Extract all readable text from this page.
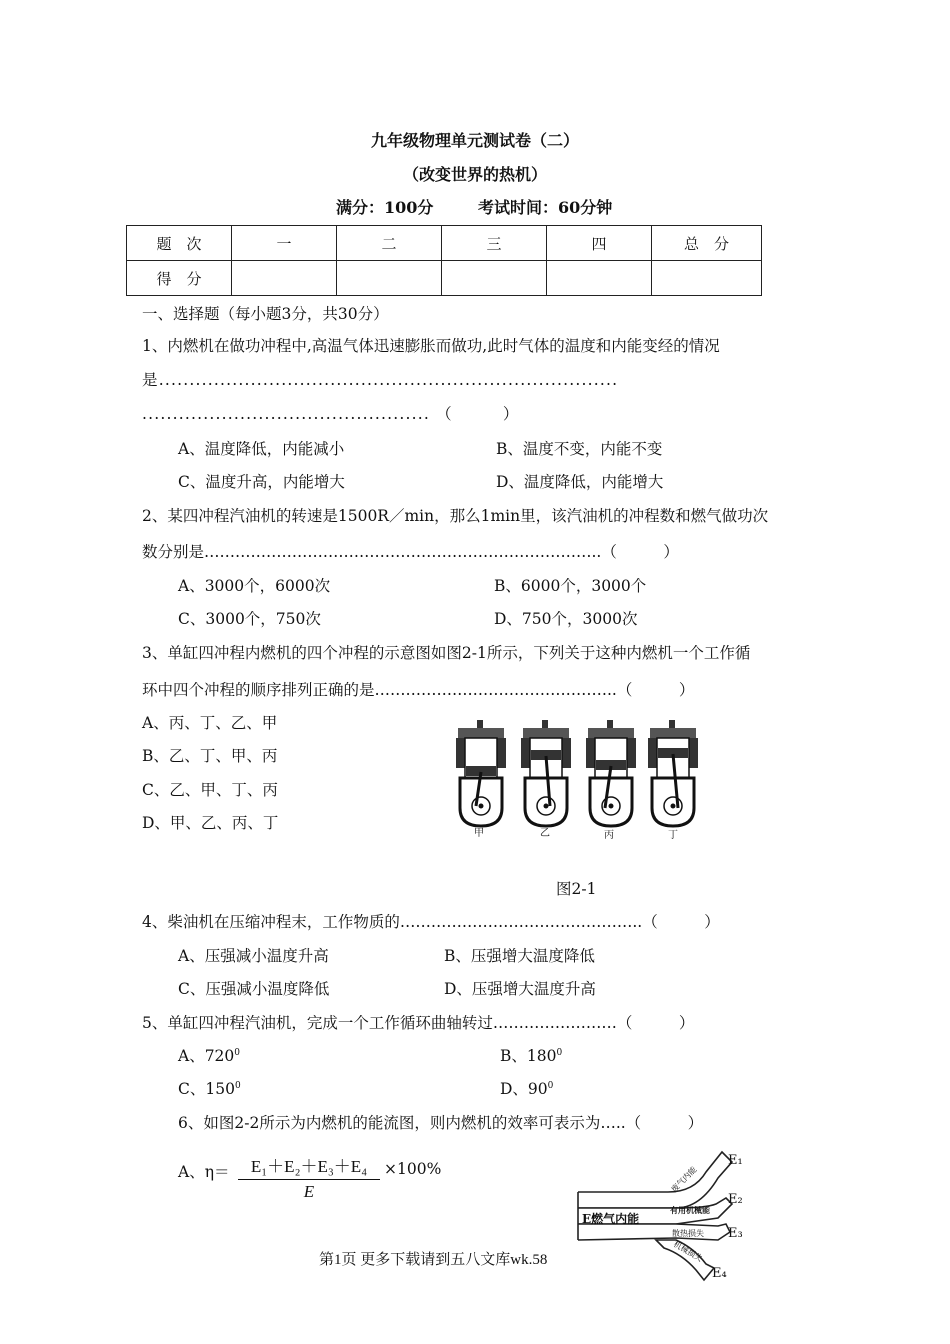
九年级物理单元测试卷（二）
（改变世界的热机）
满分：100分	考试时间：60分钟
题　次	一	二	三	四	总　分
得　分					
一、选择题（每小题3分，共30分）
1、内燃机在做功冲程中,高温气体迅速膨胀而做功,此时气体的温度和内能变经的情况
是...........................................................................
............................................... （　　　）
A、温度降低，内能减小	B、温度不变，内能不变
C、温度升高，内能增大	D、温度降低，内能增大
2、某四冲程汽油机的转速是1500R／min，那么1min里，该汽油机的冲程数和燃气做功次
数分别是…………………………………………………………………..（　　　）
A、3000个，6000次	B、6000个，3000个
C、3000个，750次	D、750个，3000次
3、单缸四冲程内燃机的四个冲程的示意图如图2-1所示，下列关于这种内燃机一个工作循
环中四个冲程的顺序排列正确的是………………………………………..（　　　）
A、丙、丁、乙、甲
B、乙、丁、甲、丙
C、乙、甲、丁、丙
D、甲、乙、丙、丁
甲	乙	丙	丁
图2-1
4、柴油机在压缩冲程末，工作物质的………………………………………..（　　　）
A、压强减小温度升高	B、压强增大温度降低
C、压强减小温度降低	D、压强增大温度升高
5、单缸四冲程汽油机，完成一个工作循环曲轴转过……………………（　　　）
A、$720^0$	B、$180^0$
C、$150^0$	D、$90^0$
6、如图2-2所示为内燃机的能流图，则内燃机的效率可表示为…..（　　　）
A、$\eta= \frac{\text{E₁＋E₂＋E₃＋E₄}}{E} \times 100\%$
E燃气内能
废气内能
有用机械能
散热损失
机械损失
E₁
E₂
E₃
E₄
第1页 更多下载请到五八文库wk.58
